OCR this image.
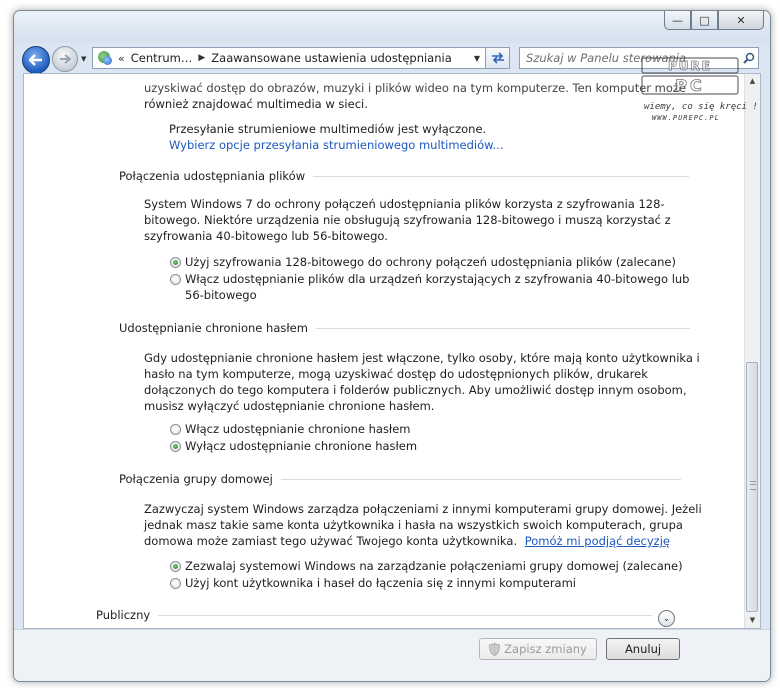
—	□	✕
▼	« Centrum… ▶ Zaawansowane ustawienia udostępniania	▼
Szukaj w Panelu sterowania
uzyskiwać dostęp do obrazów, muzyki i plików wideo na tym komputerze. Ten komputer może
również znajdować multimedia w sieci.
Przesyłanie strumieniowe multimediów jest wyłączone.
Wybierz opcje przesyłania strumieniowego multimediów...
Połączenia udostępniania plików
System Windows 7 do ochrony połączeń udostępniania plików korzysta z szyfrowania 128-
bitowego. Niektóre urządzenia nie obsługują szyfrowania 128-bitowego i muszą korzystać z
szyfrowania 40-bitowego lub 56-bitowego.
Użyj szyfrowania 128-bitowego do ochrony połączeń udostępniania plików (zalecane)
Włącz udostępnianie plików dla urządzeń korzystających z szyfrowania 40-bitowego lub
56-bitowego
Udostępnianie chronione hasłem
Gdy udostępnianie chronione hasłem jest włączone, tylko osoby, które mają konto użytkownika i
hasło na tym komputerze, mogą uzyskiwać dostęp do udostępnionych plików, drukarek
dołączonych do tego komputera i folderów publicznych. Aby umożliwić dostęp innym osobom,
musisz wyłączyć udostępnianie chronione hasłem.
Włącz udostępnianie chronione hasłem
Wyłącz udostępnianie chronione hasłem
Połączenia grupy domowej
Zazwyczaj system Windows zarządza połączeniami z innymi komputerami grupy domowej. Jeżeli
jednak masz takie same konta użytkownika i hasła na wszystkich swoich komputerach, grupa
domowa może zamiast tego używać Twojego konta użytkownika. Pomóż mi podjąć decyzję
Zezwalaj systemowi Windows na zarządzanie połączeniami grupy domowej (zalecane)
Użyj kont użytkownika i haseł do łączenia się z innymi komputerami
Publiczny	⌄
▲
▼
Zapisz zmiany	Anuluj
PURE
PC
wiemy, co się kręci !
WWW.PUREPC.PL
